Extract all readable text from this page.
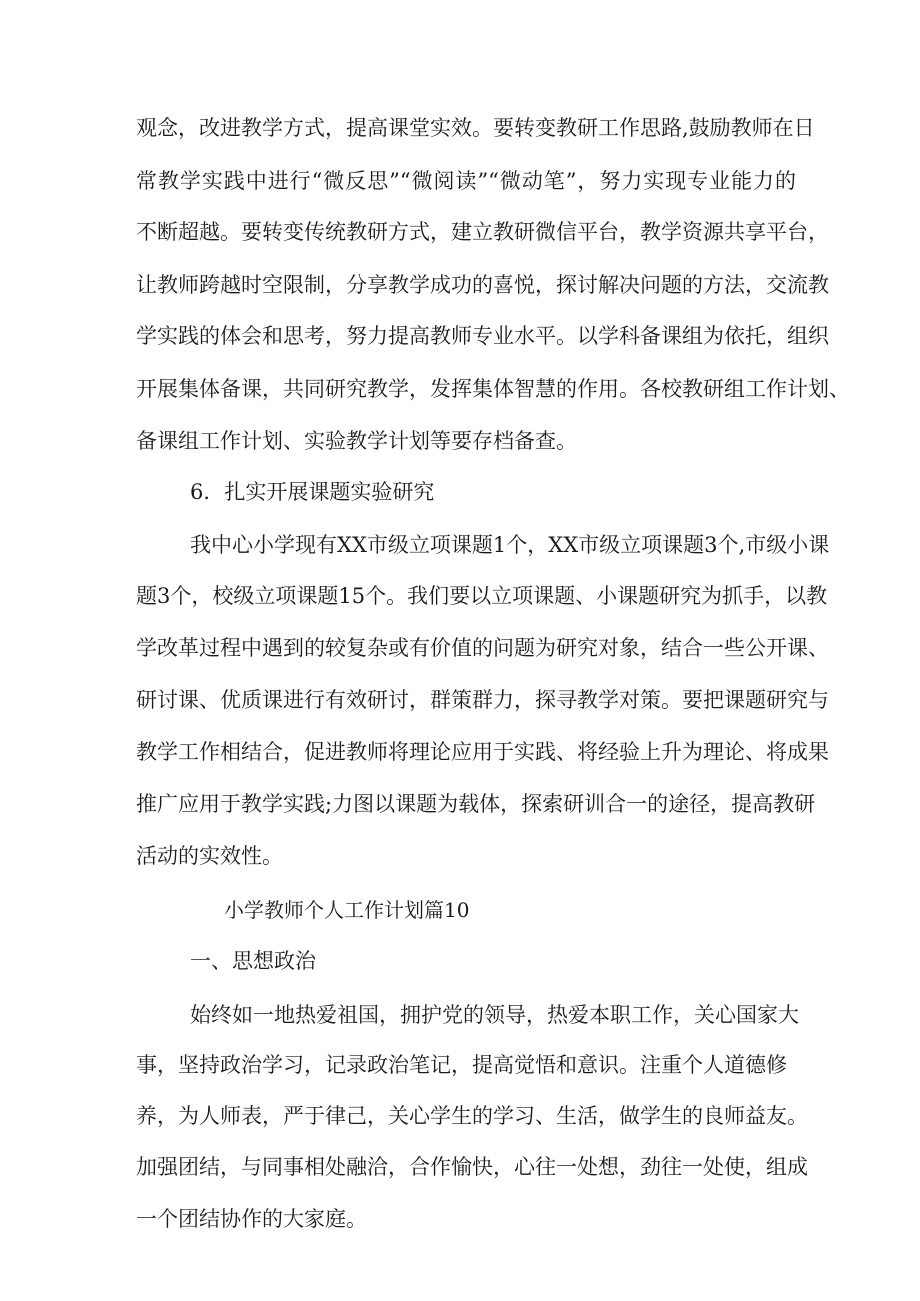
观念，改进教学方式，提高课堂实效。要转变教研工作思路,鼓励教师在日
常教学实践中进行“微反思”“微阅读”“微动笔”，努力实现专业能力的
不断超越。要转变传统教研方式，建立教研微信平台，教学资源共享平台，
让教师跨越时空限制，分享教学成功的喜悦，探讨解决问题的方法，交流教
学实践的体会和思考，努力提高教师专业水平。以学科备课组为依托，组织
开展集体备课，共同研究教学，发挥集体智慧的作用。各校教研组工作计划、
备课组工作计划、实验教学计划等要存档备查。
6．扎实开展课题实验研究
我中心小学现有XX市级立项课题1个，XX市级立项课题3个,市级小课
题3个，校级立项课题15个。我们要以立项课题、小课题研究为抓手，以教
学改革过程中遇到的较复杂或有价值的问题为研究对象，结合一些公开课、
研讨课、优质课进行有效研讨，群策群力，探寻教学对策。要把课题研究与
教学工作相结合，促进教师将理论应用于实践、将经验上升为理论、将成果
推广应用于教学实践;力图以课题为载体，探索研训合一的途径，提高教研
活动的实效性。
小学教师个人工作计划篇10
一、思想政治
始终如一地热爱祖国，拥护党的领导，热爱本职工作，关心国家大
事，坚持政治学习，记录政治笔记，提高觉悟和意识。注重个人道德修
养，为人师表，严于律己，关心学生的学习、生活，做学生的良师益友。
加强团结，与同事相处融洽，合作愉快，心往一处想，劲往一处使，组成
一个团结协作的大家庭。
